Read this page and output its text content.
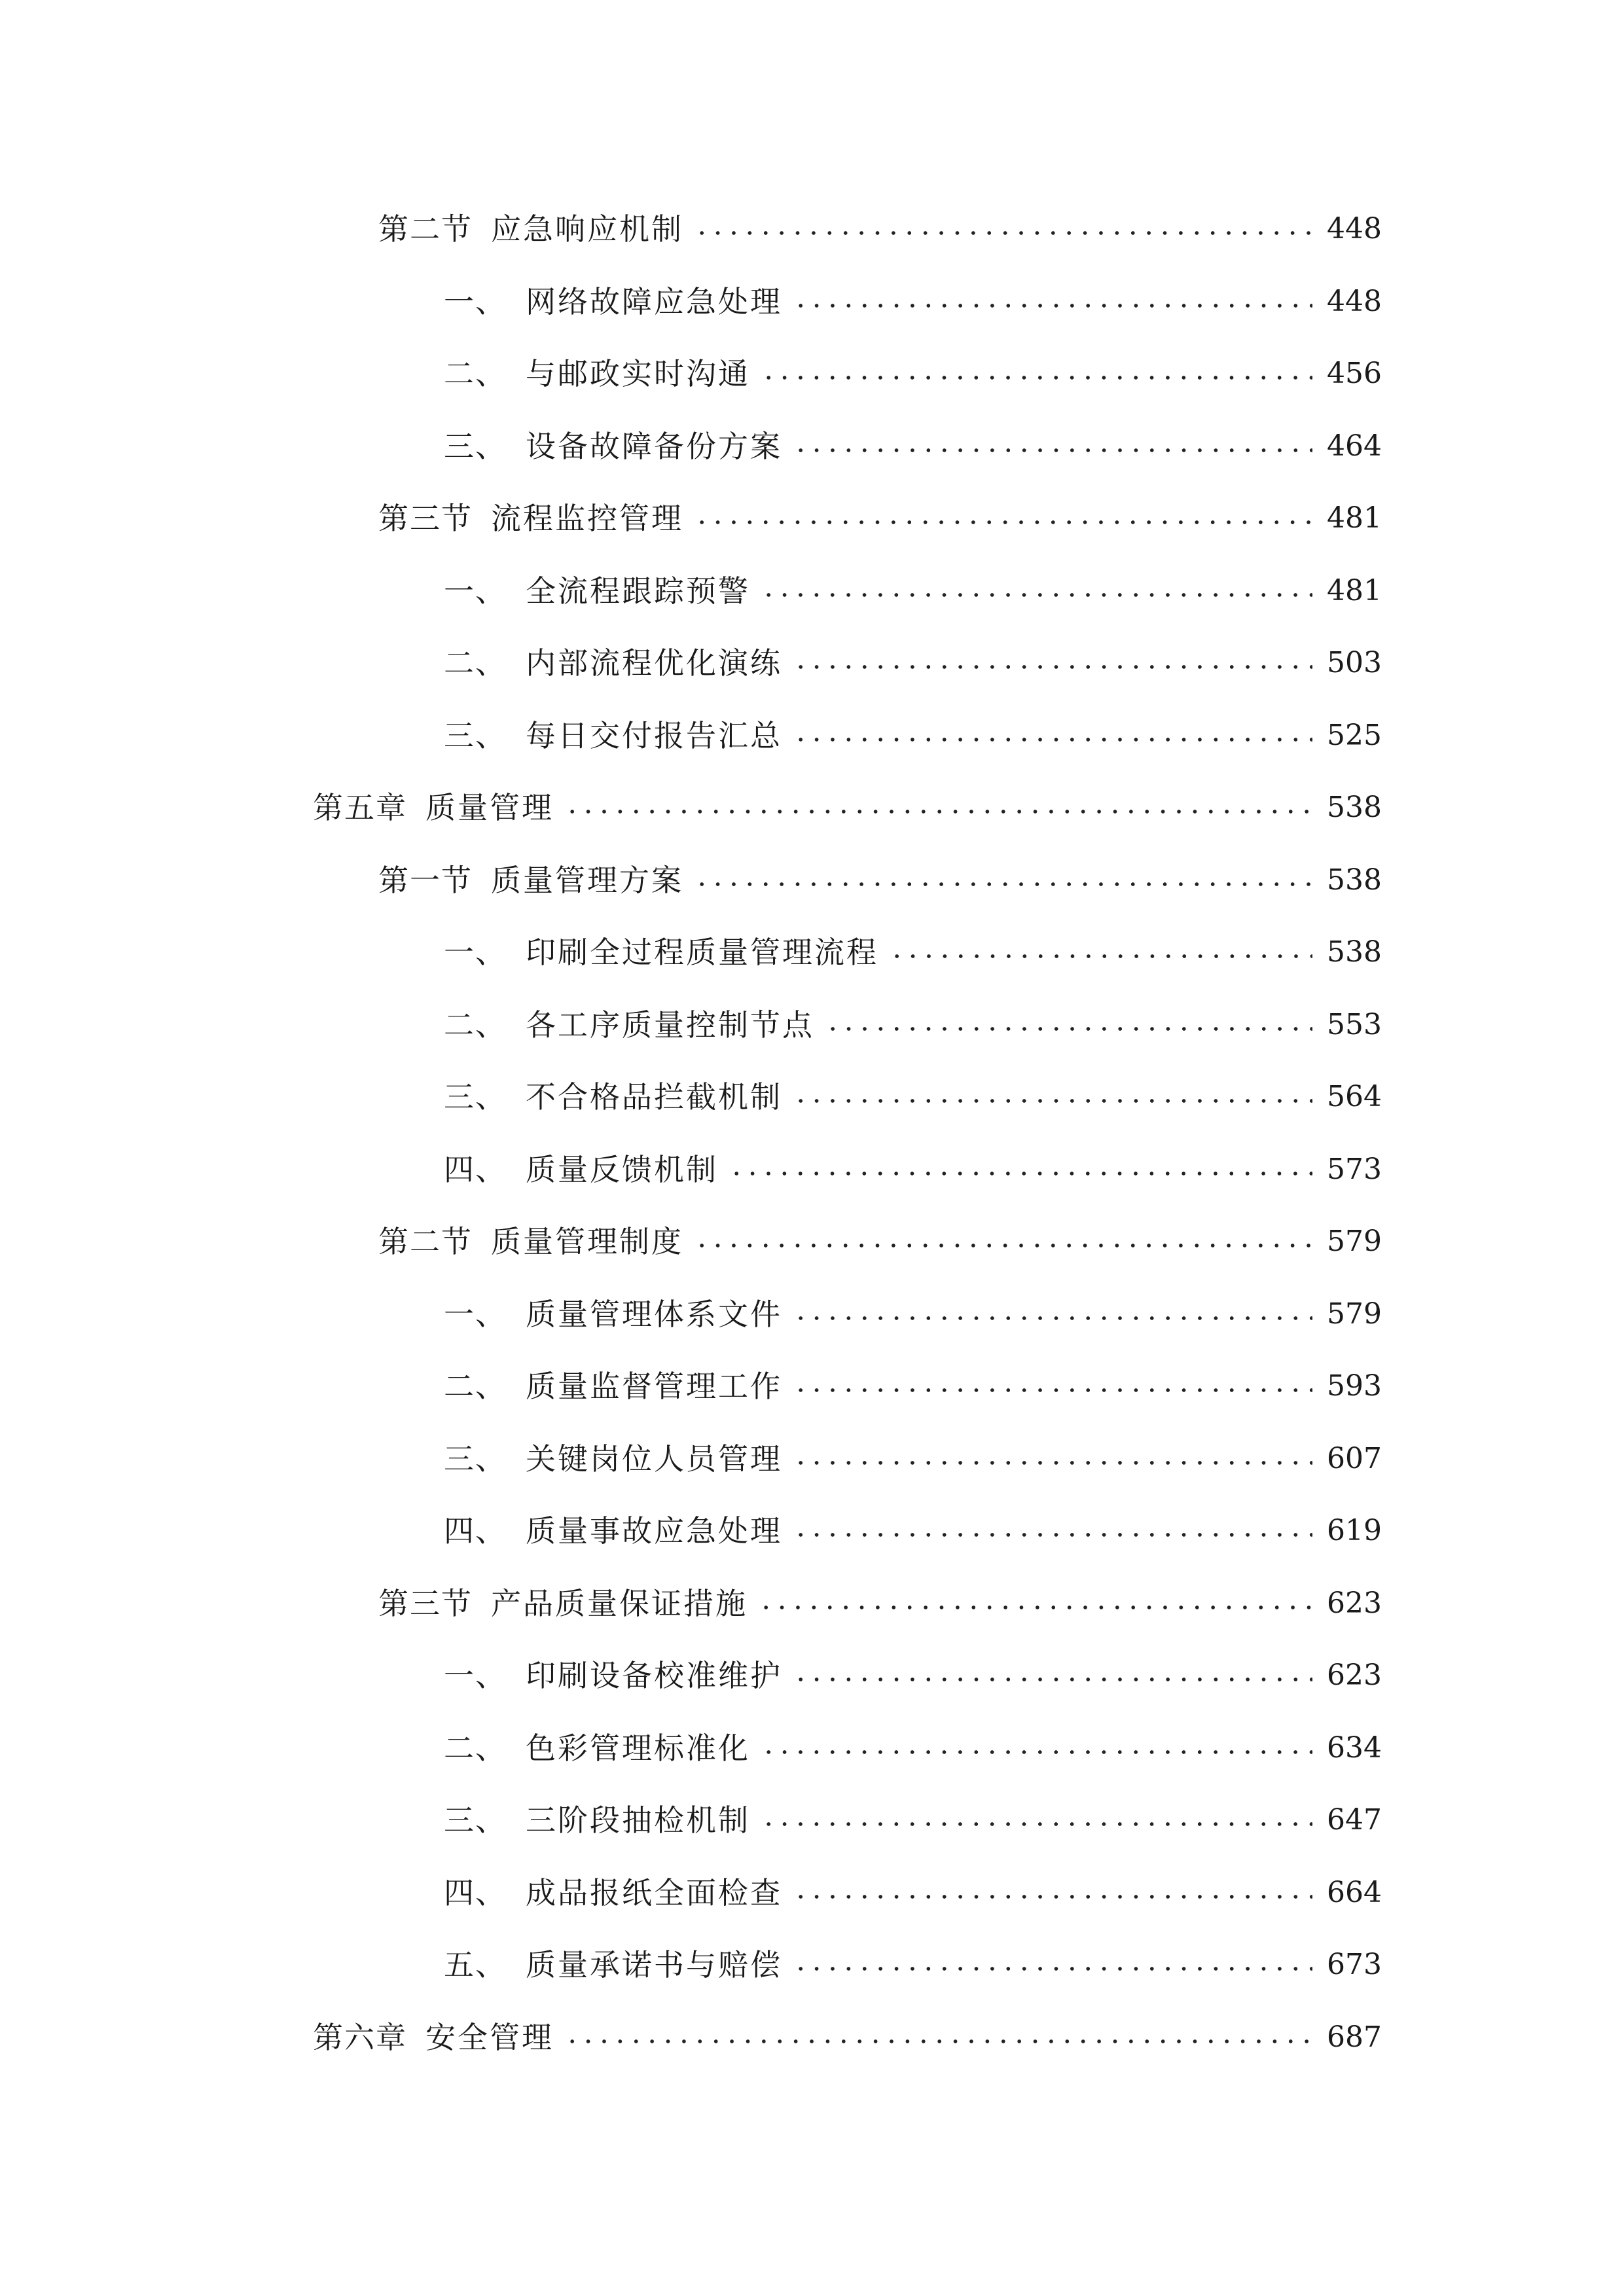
第二节 应急响应机制	448
一、 网络故障应急处理	448
二、 与邮政实时沟通	456
三、 设备故障备份方案	464
第三节 流程监控管理	481
一、 全流程跟踪预警	481
二、 内部流程优化演练	503
三、 每日交付报告汇总	525
第五章 质量管理	538
第一节 质量管理方案	538
一、 印刷全过程质量管理流程	538
二、 各工序质量控制节点	553
三、 不合格品拦截机制	564
四、 质量反馈机制	573
第二节 质量管理制度	579
一、 质量管理体系文件	579
二、 质量监督管理工作	593
三、 关键岗位人员管理	607
四、 质量事故应急处理	619
第三节 产品质量保证措施	623
一、 印刷设备校准维护	623
二、 色彩管理标准化	634
三、 三阶段抽检机制	647
四、 成品报纸全面检查	664
五、 质量承诺书与赔偿	673
第六章 安全管理	687
